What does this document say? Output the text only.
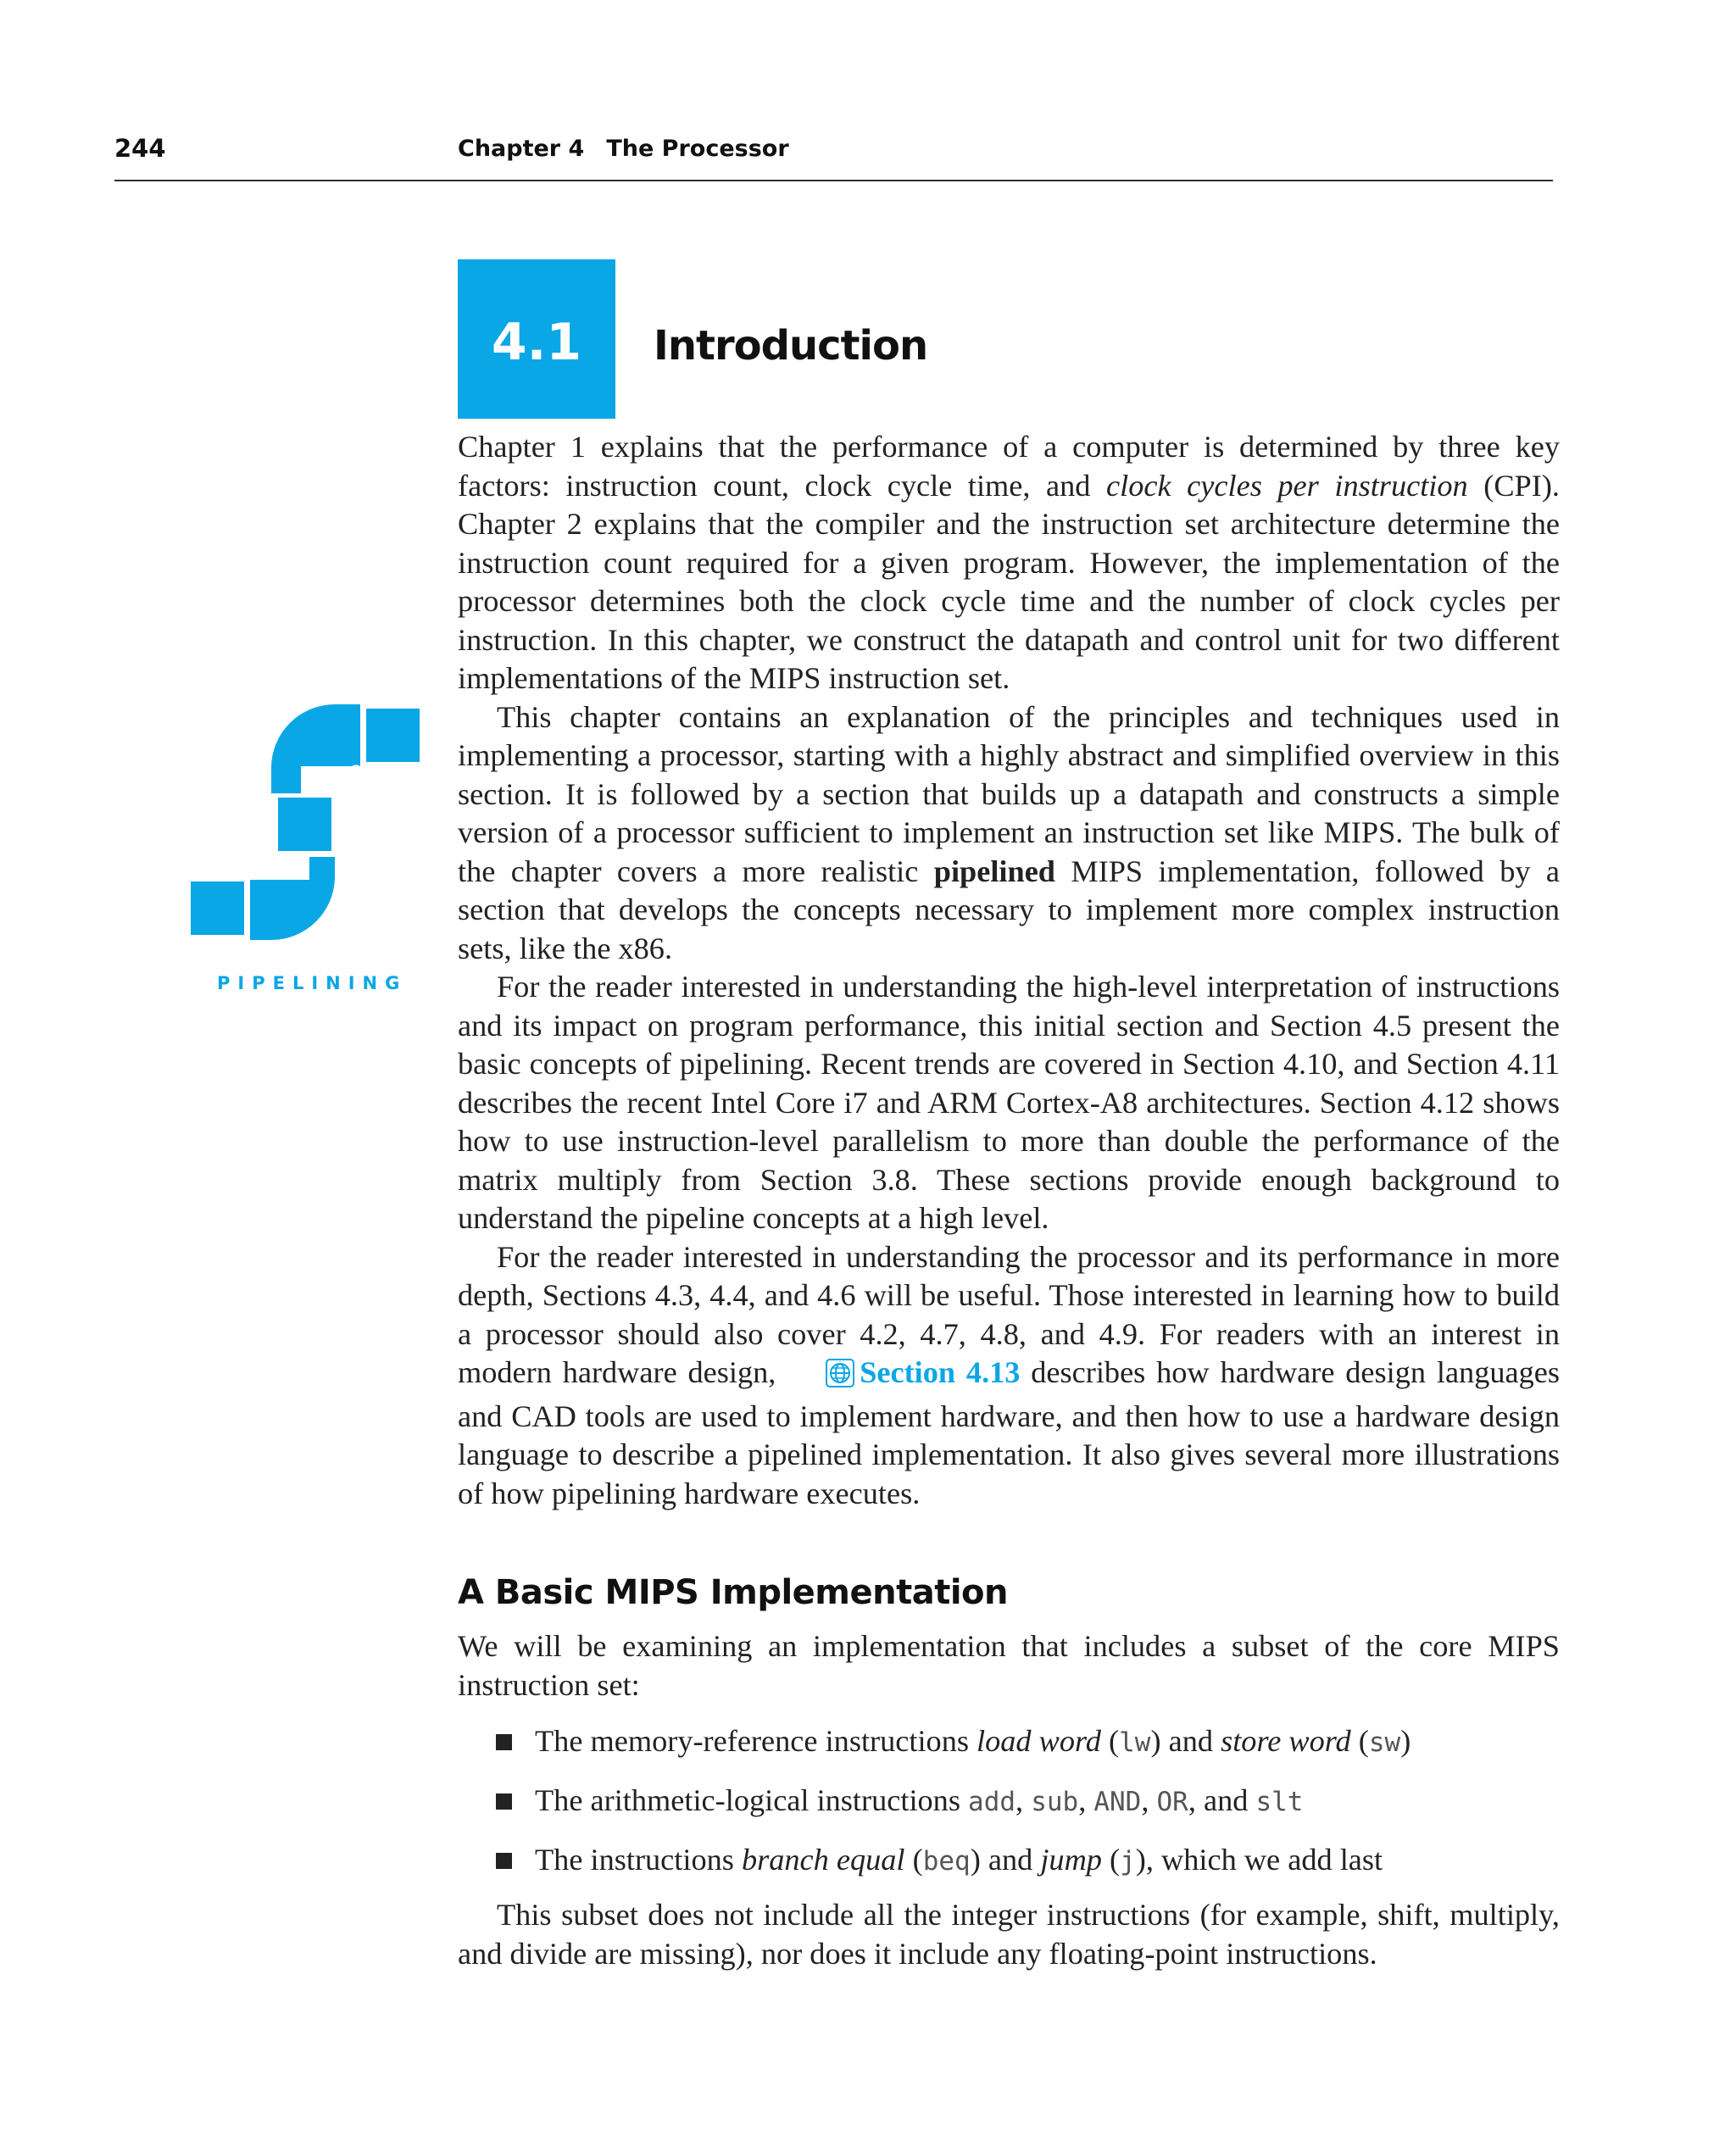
244	Chapter 4 The Processor
4.1	Introduction
PIPELINING

Chapter 1 explains that the performance of a computer is determined by three key factors: instruction count, clock cycle time, and clock cycles per instruction (CPI). Chapter 2 explains that the compiler and the instruction set architecture determine the instruction count required for a given program. However, the implementation of the processor determines both the clock cycle time and the number of clock cycles per instruction. In this chapter, we construct the datapath and control unit for two different implementations of the MIPS instruction set.

This chapter contains an explanation of the principles and techniques used in implementing a processor, starting with a highly abstract and simplified overview in this section. It is followed by a section that builds up a datapath and constructs a simple version of a processor sufficient to implement an instruction set like MIPS. The bulk of the chapter covers a more realistic pipelined MIPS implementation, followed by a section that develops the concepts necessary to implement more complex instruction sets, like the x86.

For the reader interested in understanding the high-level interpretation of instructions and its impact on program performance, this initial section and Section 4.5 present the basic concepts of pipelining. Recent trends are covered in Section 4.10, and Section 4.11 describes the recent Intel Core i7 and ARM Cortex-A8 architectures. Section 4.12 shows how to use instruction-level parallelism to more than double the performance of the matrix multiply from Section 3.8. These sections provide enough background to understand the pipeline concepts at a high level.

For the reader interested in understanding the processor and its performance in more depth, Sections 4.3, 4.4, and 4.6 will be useful. Those interested in learning how to build a processor should also cover 4.2, 4.7, 4.8, and 4.9. For readers with an interest in modern hardware design, Section 4.13 describes how hardware design languages and CAD tools are used to implement hardware, and then how to use a hardware design language to describe a pipelined implementation. It also gives several more illustrations of how pipelining hardware executes.

A Basic MIPS Implementation

We will be examining an implementation that includes a subset of the core MIPS instruction set:

The memory-reference instructions load word (lw) and store word (sw)
The arithmetic-logical instructions add, sub, AND, OR, and slt
The instructions branch equal (beq) and jump (j), which we add last

This subset does not include all the integer instructions (for example, shift, multiply, and divide are missing), nor does it include any floating-point instructions.
